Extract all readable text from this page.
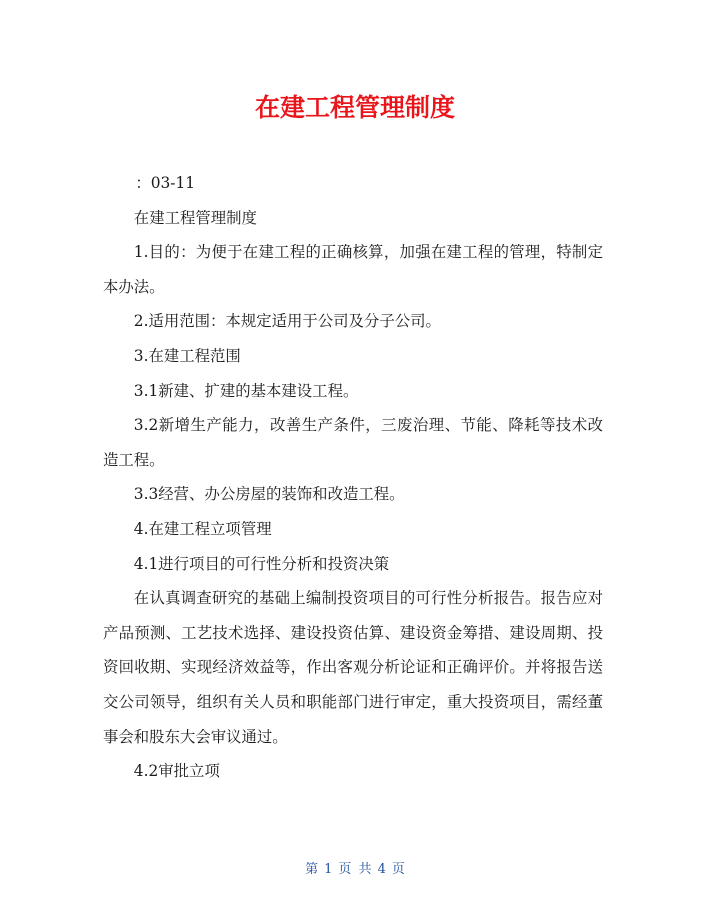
在建工程管理制度

：03-11

在建工程管理制度

1.目的：为便于在建工程的正确核算，加强在建工程的管理，特制定本办法。

2.适用范围：本规定适用于公司及分子公司。

3.在建工程范围

3.1新建、扩建的基本建设工程。

3.2新增生产能力，改善生产条件，三废治理、节能、降耗等技术改造工程。

3.3经营、办公房屋的装饰和改造工程。

4.在建工程立项管理

4.1进行项目的可行性分析和投资决策

在认真调查研究的基础上编制投资项目的可行性分析报告。报告应对产品预测、工艺技术选择、建设投资估算、建设资金筹措、建设周期、投资回收期、实现经济效益等，作出客观分析论证和正确评价。并将报告送交公司领导，组织有关人员和职能部门进行审定，重大投资项目，需经董事会和股东大会审议通过。

4.2审批立项

第 1 页 共 4 页
